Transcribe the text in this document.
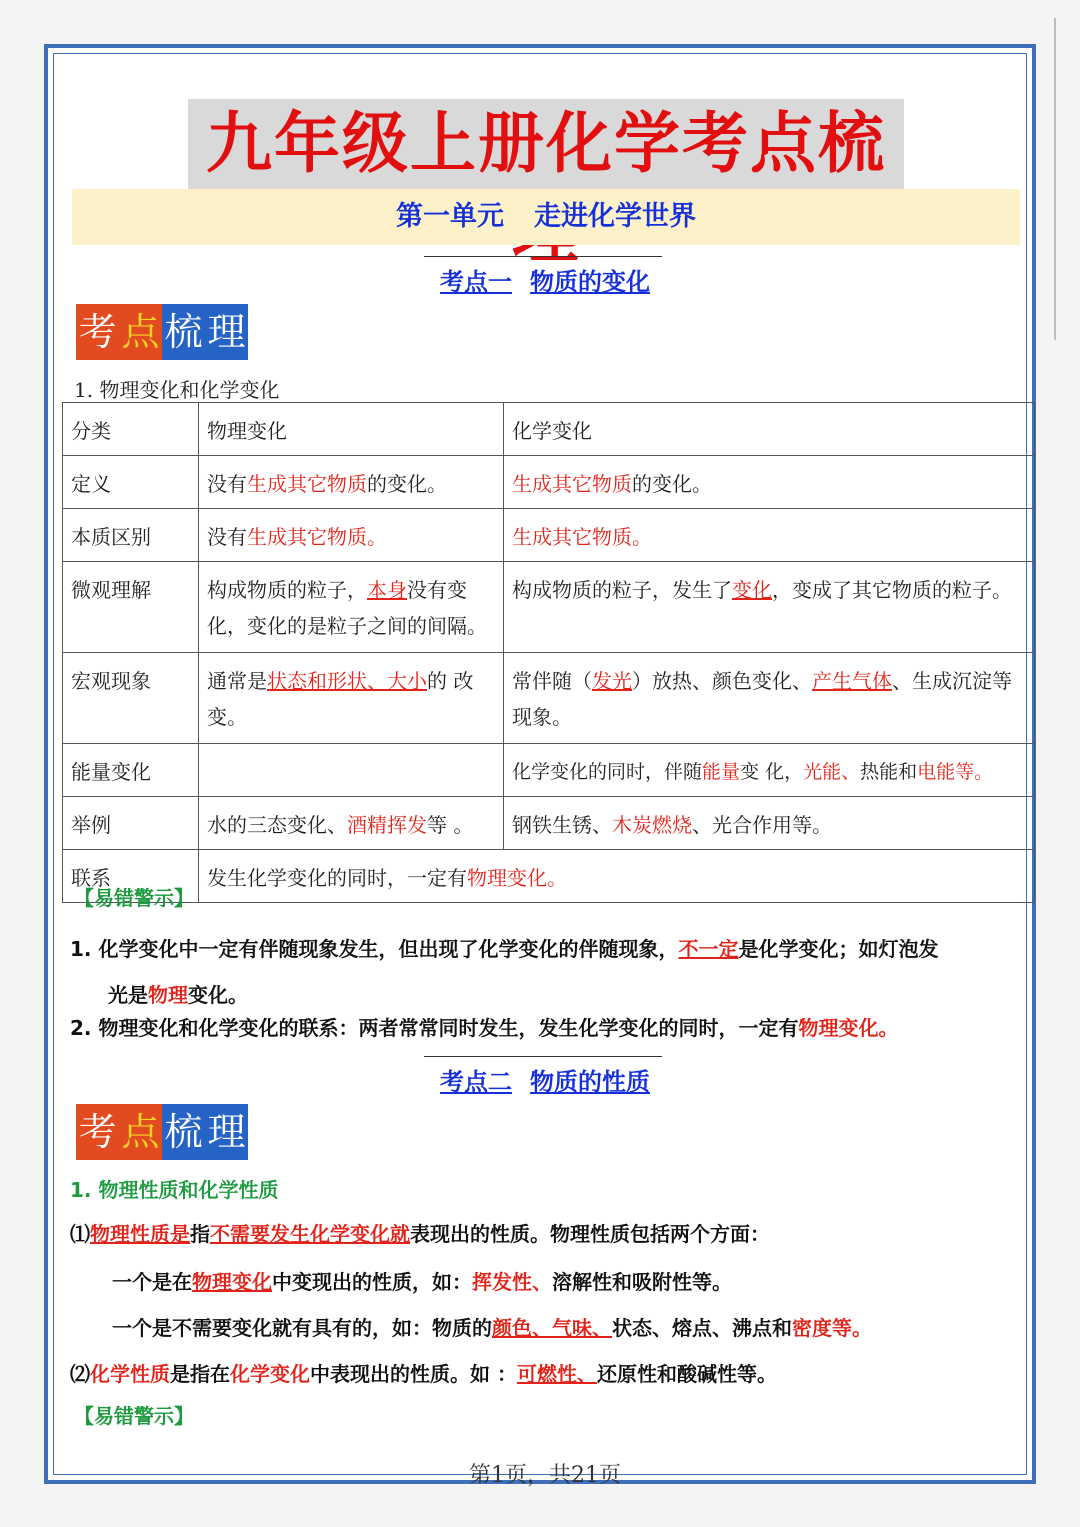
九年级上册化学考点梳
第一单元 走进化学世界
考点一 物质的变化
考 点 梳 理
1. 物理变化和化学变化
分类	物理变化	化学变化
定义	没有生成其它物质的变化。	生成其它物质的变化。
本质区别	没有生成其它物质。	生成其它物质。
微观理解	构成物质的粒子，本身没有变化，变化的是粒子之间的间隔。	构成物质的粒子，发生了变化，变成了其它物质的粒子。
宏观现象	通常是状态和形状、大小的 改变。	常伴随（发光）放热、颜色变化、产生气体、生成沉淀等现象。
能量变化		化学变化的同时，伴随能量变 化，光能、热能和电能等。
举例	水的三态变化、酒精挥发等 。	钢铁生锈、木炭燃烧、光合作用等。
联系	发生化学变化的同时，一定有物理变化。	
【易错警示】
1. 化学变化中一定有伴随现象发生，但出现了化学变化的伴随现象，不一定是化学变化；如灯泡发
光是物理变化。
2. 物理变化和化学变化的联系：两者常常同时发生，发生化学变化的同时，一定有物理变化。
考点二 物质的性质
考 点 梳 理
1. 物理性质和化学性质
⑴物理性质是指不需要发生化学变化就表现出的性质。物理性质包括两个方面：
一个是在物理变化中变现出的性质，如：挥发性、溶解性和吸附性等。
一个是不需要变化就有具有的，如：物质的颜色、气味、状态、熔点、沸点和密度等。
⑵化学性质是指在化学变化中表现出的性质。如 ：可燃性、还原性和酸碱性等。
【易错警示】
第1页，共21页
